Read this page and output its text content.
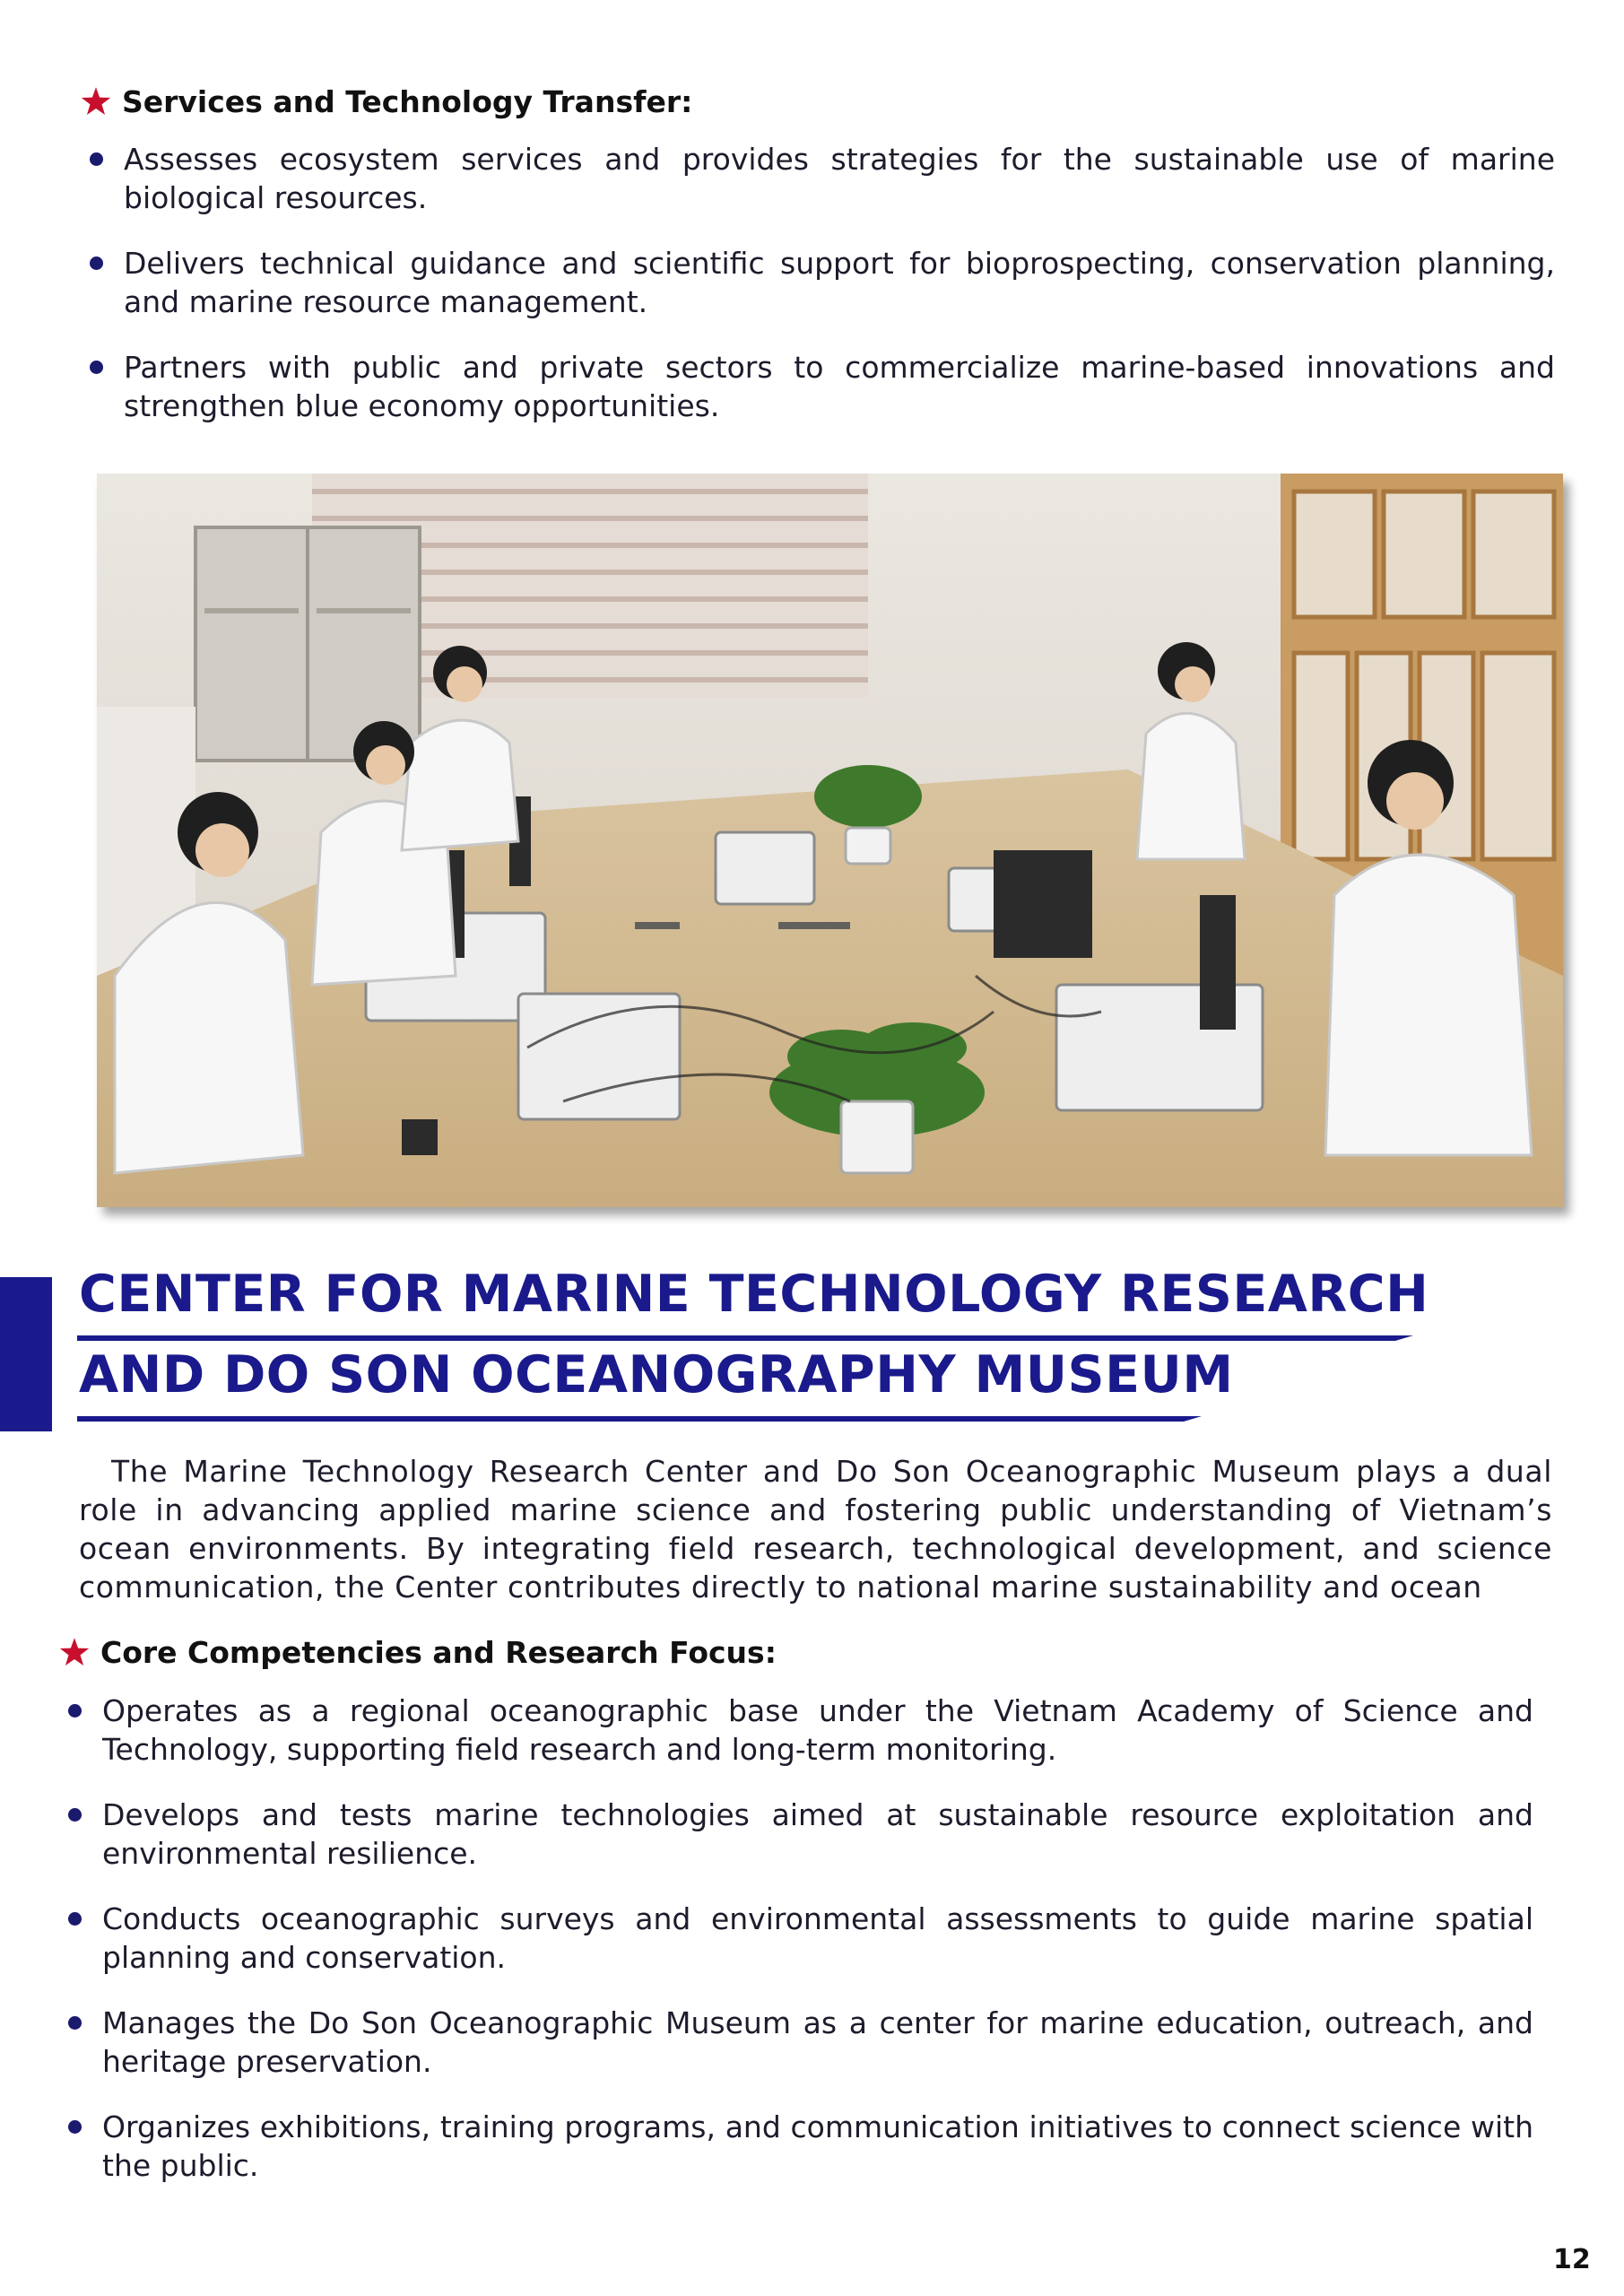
Services and Technology Transfer:
Assesses ecosystem services and provides strategies for the sustainable use of marine biological resources.
Delivers technical guidance and scientific support for bioprospecting, conservation planning, and marine resource management.
Partners with public and private sectors to commercialize marine-based innovations and strengthen blue economy opportunities.
CENTER FOR MARINE TECHNOLOGY RESEARCH
AND DO SON OCEANOGRAPHY MUSEUM

The Marine Technology Research Center and Do Son Oceanographic Museum plays a dual role in advancing applied marine science and fostering public understanding of Vietnam’s ocean environments. By integrating field research, technological development, and science communication, the Center contributes directly to national marine sustainability and ocean

Core Competencies and Research Focus:
Operates as a regional oceanographic base under the Vietnam Academy of Science and Technology, supporting field research and long-term monitoring.
Develops and tests marine technologies aimed at sustainable resource exploitation and environmental resilience.
Conducts oceanographic surveys and environmental assessments to guide marine spatial planning and conservation.
Manages the Do Son Oceanographic Museum as a center for marine education, outreach, and heritage preservation.
Organizes exhibitions, training programs, and communication initiatives to connect science with the public.
12
